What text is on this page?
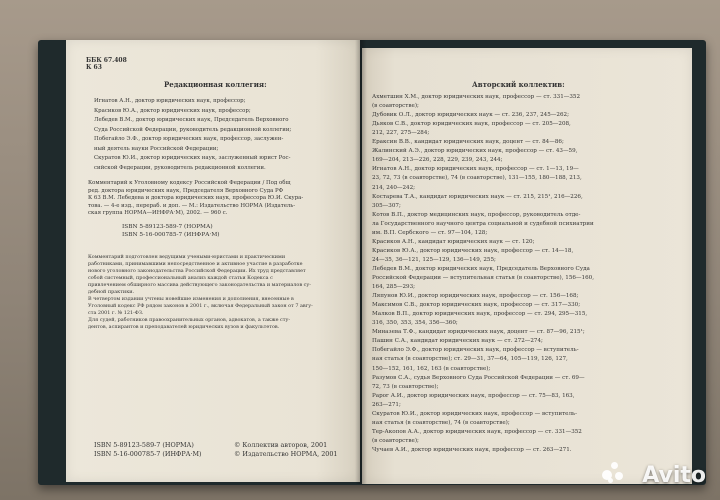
ББК 67.408
К 63
Редакционная коллегия:
Игнатов А.Н., доктор юридических наук, профессор;
Красиков Ю.А., доктор юридических наук, профессор;
Лебедев В.М., доктор юридических наук, Председатель Верховного
Суда Российской Федерации, руководитель редакционной коллегии;
Побегайло Э.Ф., доктор юридических наук, профессор, заслужен-
ный деятель науки Российской Федерации;
Скуратов Ю.И., доктор юридических наук, заслуженный юрист Рос-
сийской Федерации, руководитель редакционной коллегии.
Комментарий к Уголовному кодексу Российской Федерации / Под общ
ред. доктора юридических наук, Председателя Верховного Суда РФ
К 63 В.М. Лебедева и доктора юридических наук, профессора Ю.И. Скура-
това. — 4-е изд., перераб. и доп. — М.: Издательство НОРМА (Издатель-
ская группа НОРМА—ИНФРА·М), 2002. — 960 с.
ISBN 5-89123-589-7 (НОРМА)
ISBN 5-16-000785-7 (ИНФРА·М)
Комментарий подготовлен ведущими учеными-юристами и практическими
работниками, принимавшими непосредственное и активное участие в разработке
нового уголовного законодательства Российской Федерации. Их труд представляет
собой системный, профессиональный анализ каждой статьи Кодекса с
привлечением обширного массива действующего законодательства и материалов су-
дебной практики.
В четвертом издании учтены новейшие изменения и дополнения, внесенные в
Уголовный кодекс РФ рядом законов в 2001 г., включая Федеральный закон от 7 авгу-
ста 2001 г. № 121-ФЗ.
Для судей, работников правоохранительных органов, адвокатов, а также сту-
дентов, аспирантов и преподавателей юридических вузов и факультетов.
ISBN 5-89123-589-7 (НОРМА)
ISBN 5-16-000785-7 (ИНФРА·М)
© Коллектив авторов, 2001
© Издательство НОРМА, 2001
Авторский коллектив:
Ахметшин Х.М., доктор юридических наук, профессор — ст. 331—352
(в соавторстве);
Дубовик О.Л., доктор юридических наук — ст. 236, 237, 245—262;
Дьяков С.В., доктор юридических наук, профессор — ст. 205—208,
212, 227, 275—284;
Ераксин В.В., кандидат юридических наук, доцент — ст. 84—86;
Жалинский А.Э., доктор юридических наук, профессор — ст. 43—59,
169—204, 213—226, 228, 229, 239, 243, 244;
Игнатов А.Н., доктор юридических наук, профессор — ст. 1—13, 19—
23, 72, 73 (в соавторстве), 74 (в соавторстве), 131—155, 180—188, 213,
214, 240—242;
Костарева Т.А., кандидат юридических наук — ст. 215, 215¹, 216—226,
305—307;
Котов В.П., доктор медицинских наук, профессор, руководитель отде-
ла Государственного научного центра социальной и судебной психиатрии
им. В.П. Сербского — ст. 97—104, 128;
Красиков А.Н., кандидат юридических наук — ст. 120;
Красиков Ю.А., доктор юридических наук, профессор — ст. 14—18,
24—35, 36—121, 125—129, 136—149, 255;
Лебедев В.М., доктор юридических наук, Председатель Верховного Суда
Российской Федерации — вступительная статья (в соавторстве), 156—160,
164, 285—293;
Ляпунов Ю.И., доктор юридических наук, профессор — ст. 156—168;
Максимов С.В., доктор юридических наук, профессор — ст. 317—330;
Малков В.П., доктор юридических наук, профессор — ст. 294, 295—315,
316, 350, 353, 354, 356—360;
Миназева Т.Ф., кандидат юридических наук, доцент — ст. 87—96, 215¹;
Пашин С.А., кандидат юридических наук — ст. 272—274;
Побегайло Э.Ф., доктор юридических наук, профессор — вступитель-
ная статья (в соавторстве); ст. 29—31, 37—64, 105—119, 126, 127,
150—152, 161, 162, 163 (в соавторстве);
Разумов С.А., судья Верховного Суда Российской Федерации — ст. 69—
72, 73 (в соавторстве);
Рарог А.И., доктор юридических наук, профессор — ст. 75—83, 163,
263—271;
Скуратов Ю.И., доктор юридических наук, профессор — вступитель-
ная статья (в соавторстве), 74 (в соавторстве);
Тер-Акопов А.А., доктор юридических наук, профессор — ст. 331—352
(в соавторстве);
Чучаев А.И., доктор юридических наук, профессор — ст. 263—271.
Avito
